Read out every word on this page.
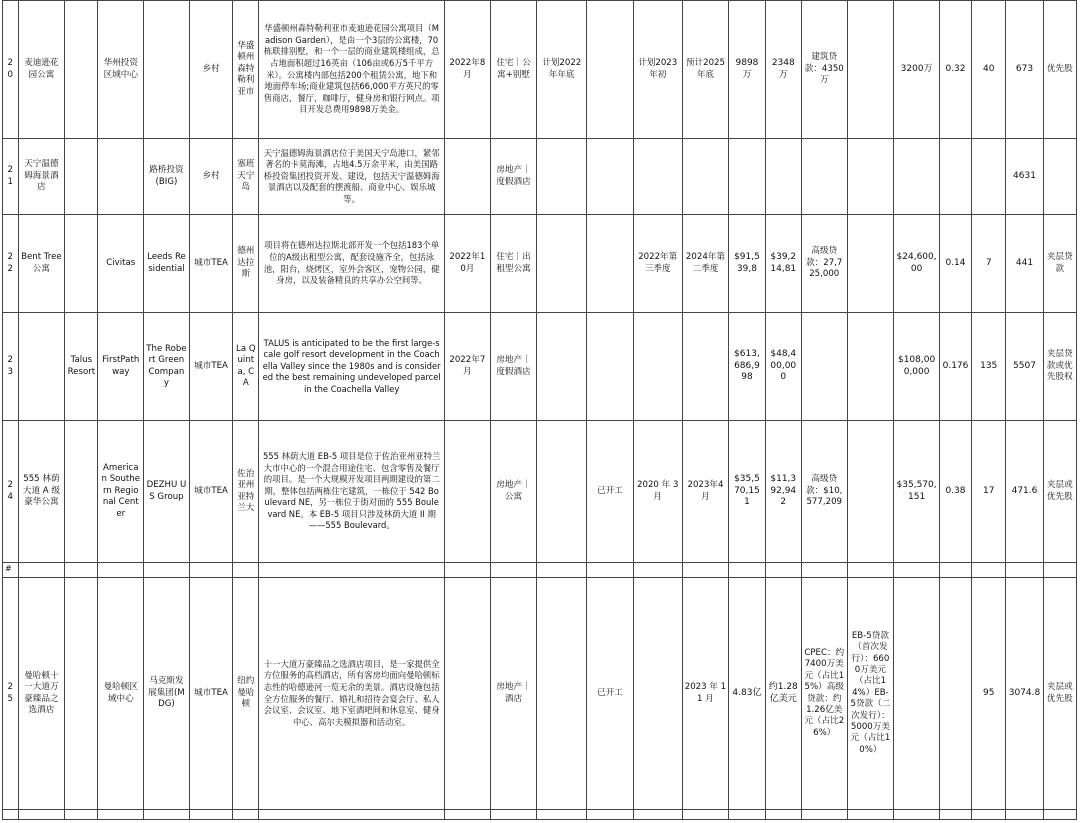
20	麦迪逊花园公寓		华州投资区域中心		乡村	华盛顿州森特勒利亚市	华盛顿州森特勒利亚市麦迪逊花园公寓项目（Madison Garden），是由一个3层的公寓楼，70栋联排别墅，和一个一层的商业建筑楼组成，总占地面积超过16英亩（106亩或6万5千平方米）。公寓楼内部包括200个租赁公寓，地下和地面停车场;商业建筑包括66,000平方英尺的零售商店，餐厅，咖啡厅，健身房和银行网点。项目开发总费用9898万美金。	2022年8月	住宅｜公寓+别墅	计划2022年年底		计划2023年初	预计2025年底	9898万	2348万	建筑贷款：4350万		3200万	0.32	40	673	优先股
21	天宁温德姆海景酒店			路桥投资(BIG)	乡村	塞班天宁岛	天宁温德姆海景酒店位于美国天宁岛港口，紧邻著名的卡莫海滩，占地4.5万余平米，由美国路桥投资集团投资开发、建设，包括天宁温德姆海景酒店以及配套的摆渡船、商业中心、娱乐城等。		房地产｜度假酒店												4631	
22	Bent Tree公寓		Civitas	Leeds Residential	城市TEA	德州达拉斯	项目将在德州达拉斯北部开发一个包括183个单位的A级出租型公寓，配套设施齐全，包括泳池，阳台，烧烤区，室外会客区，宠物公园，健身房，以及装备精良的共享办公空间等。	2022年10月	住宅｜出租型公寓			2022年第三季度	2024年第二季度	$91,539,8	$39,214,81	高级贷款：27,725,000		$24,600,00	0.14	7	441	夹层贷款
23		Talus Resort	FirstPathway	The Robert Green Company	城市TEA	La Quinta, CA	TALUS is anticipated to be the first large-scale golf resort development in the Coachella Valley since the 1980s and is considered the best remaining undeveloped parcel in the Coachella Valley	2022年7月	房地产｜度假酒店					$613,686,998	$48,400,000			$108,000,000	0.176	135	5507	夹层贷款或优先股权
24	555 林荫大道 A 级豪华公寓		America n Southern Regional Center	DEZHU US Group	城市TEA	佐治亚州亚特兰大	555 林荫大道 EB-5 项目是位于佐治亚州亚特兰大市中心的一个混合用途住宅、包含零售及餐厅的项目。是一个大规模开发项目两期建设的第二期，整体包括两栋住宅建筑，一栋位于 542 Boulevard NE，另一栋位于街对面的 555 Boulevard NE。本 EB-5 项目只涉及林荫大道 II 期——555 Boulevard。		房地产｜公寓		已开工	2020 年 3 月	2023年4月	$35,570,151	$11,392,942	高级贷款：$10,577,209		$35,570,151	0.38	17	471.6	夹层或优先股
#																						
25	曼哈顿十一大道万豪臻品之选酒店		曼哈顿区域中心	马克斯发展集团(MDG)	城市TEA	纽约曼哈顿	十一大道万豪臻品之选酒店项目，是一家提供全方位服务的高档酒店，所有客房均面向曼哈顿标志性的哈德逊河一览无余的美景。酒店设施包括全方位服务的餐厅、婚礼和招待会宴会厅、私人会议室、会议室、地下室酒吧间和休息室、健身中心、高尔夫模拟器和活动室。		房地产｜酒店		已开工		2023 年 11 月	4.83亿	约1.28亿美元	CPEC：约7400万美元（占比15%）高级贷款：约1.26亿美元（占比26%）	EB-5贷款（首次发行）：6600万美元（占比14%）EB-5贷款（二次发行）：5000万美元（占比10%）			95	3074.8	夹层或优先股
